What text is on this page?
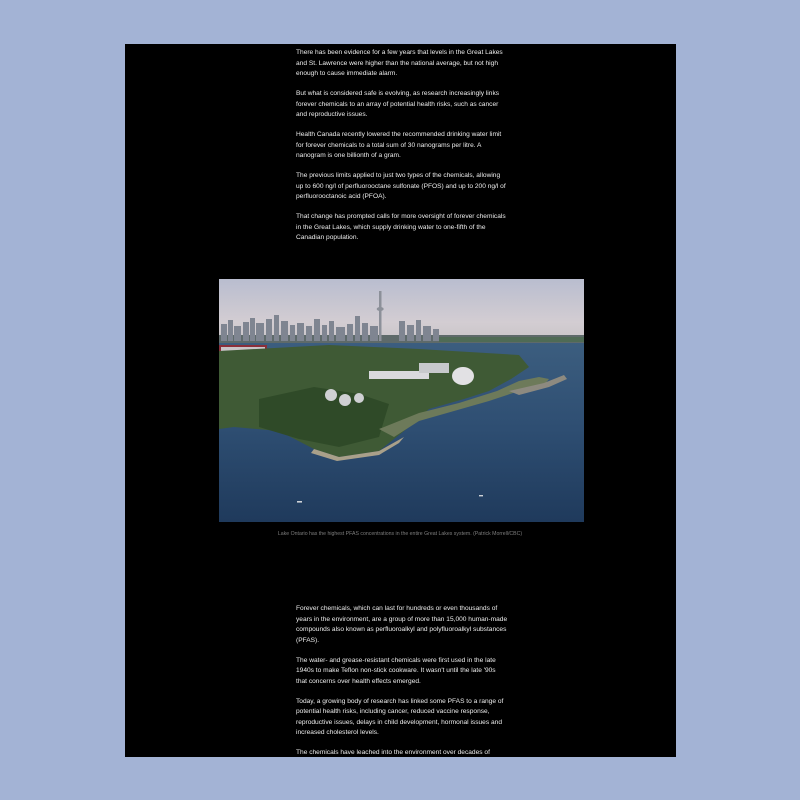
There has been evidence for a few years that levels in the Great Lakes and St. Lawrence were higher than the national average, but not high enough to cause immediate alarm.

But what is considered safe is evolving, as research increasingly links forever chemicals to an array of potential health risks, such as cancer and reproductive issues.

Health Canada recently lowered the recommended drinking water limit for forever chemicals to a total sum of 30 nanograms per litre. A nanogram is one billionth of a gram.

The previous limits applied to just two types of the chemicals, allowing up to 600 ng/l of perfluorooctane sulfonate (PFOS) and up to 200 ng/l of perfluorooctanoic acid (PFOA).

That change has prompted calls for more oversight of forever chemicals in the Great Lakes, which supply drinking water to one-fifth of the Canadian population.

Lake Ontario has the highest PFAS concentrations in the entire Great Lakes system. (Patrick Morrell/CBC)

Forever chemicals, which can last for hundreds or even thousands of years in the environment, are a group of more than 15,000 human-made compounds also known as perfluoroalkyl and polyfluoroalkyl substances (PFAS).

The water- and grease-resistant chemicals were first used in the late 1940s to make Teflon non-stick cookware. It wasn't until the late '90s that concerns over health effects emerged.

Today, a growing body of research has linked some PFAS to a range of potential health risks, including cancer, reduced vaccine response, reproductive issues, delays in child development, hormonal issues and increased cholesterol levels.

The chemicals have leached into the environment over decades of
